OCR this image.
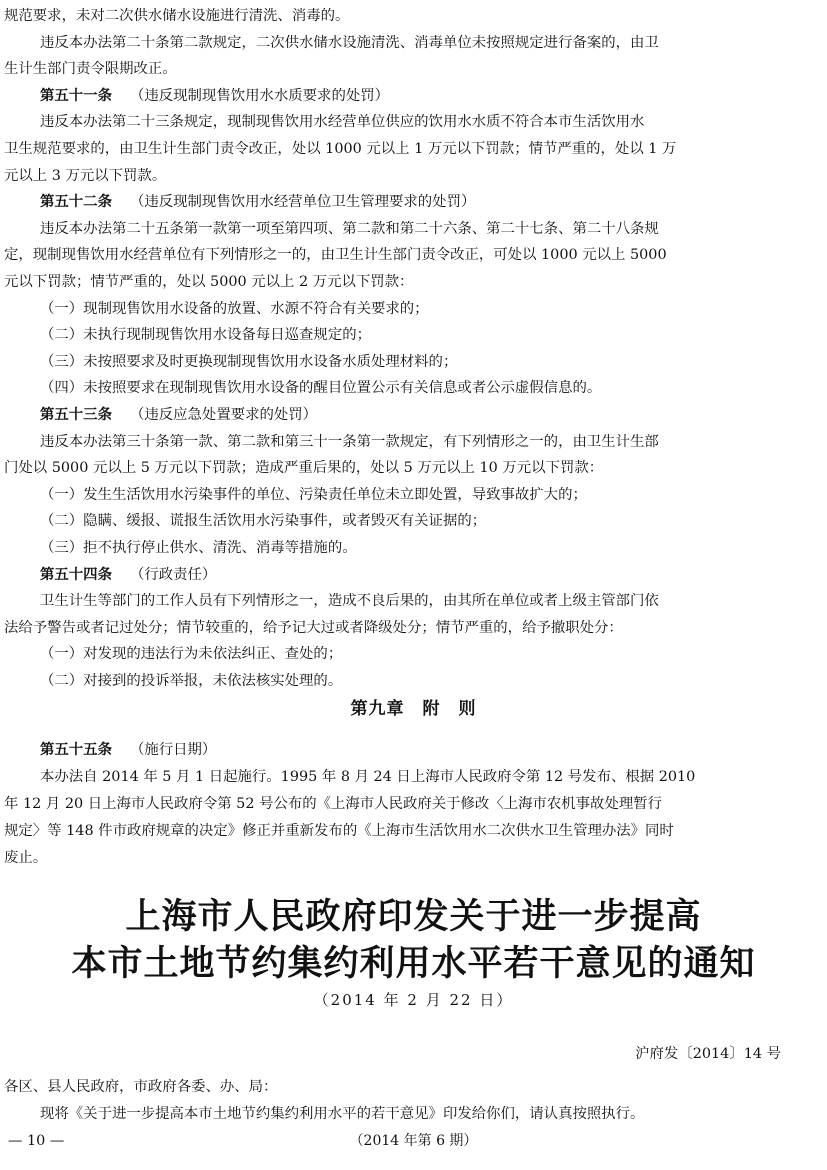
规范要求，未对二次供水储水设施进行清洗、消毒的。
违反本办法第二十条第二款规定，二次供水储水设施清洗、消毒单位未按照规定进行备案的，由卫
生计生部门责令限期改正。
第五十一条 （违反现制现售饮用水水质要求的处罚）
违反本办法第二十三条规定，现制现售饮用水经营单位供应的饮用水水质不符合本市生活饮用水
卫生规范要求的，由卫生计生部门责令改正，处以 1000 元以上 1 万元以下罚款；情节严重的，处以 1 万
元以上 3 万元以下罚款。
第五十二条 （违反现制现售饮用水经营单位卫生管理要求的处罚）
违反本办法第二十五条第一款第一项至第四项、第二款和第二十六条、第二十七条、第二十八条规
定，现制现售饮用水经营单位有下列情形之一的，由卫生计生部门责令改正，可处以 1000 元以上 5000
元以下罚款；情节严重的，处以 5000 元以上 2 万元以下罚款：
（一）现制现售饮用水设备的放置、水源不符合有关要求的；
（二）未执行现制现售饮用水设备每日巡查规定的；
（三）未按照要求及时更换现制现售饮用水设备水质处理材料的；
（四）未按照要求在现制现售饮用水设备的醒目位置公示有关信息或者公示虚假信息的。
第五十三条 （违反应急处置要求的处罚）
违反本办法第三十条第一款、第二款和第三十一条第一款规定，有下列情形之一的，由卫生计生部
门处以 5000 元以上 5 万元以下罚款；造成严重后果的，处以 5 万元以上 10 万元以下罚款：
（一）发生生活饮用水污染事件的单位、污染责任单位未立即处置，导致事故扩大的；
（二）隐瞒、缓报、谎报生活饮用水污染事件，或者毁灭有关证据的；
（三）拒不执行停止供水、清洗、消毒等措施的。
第五十四条 （行政责任）
卫生计生等部门的工作人员有下列情形之一，造成不良后果的，由其所在单位或者上级主管部门依
法给予警告或者记过处分；情节较重的，给予记大过或者降级处分；情节严重的，给予撤职处分：
（一）对发现的违法行为未依法纠正、查处的；
（二）对接到的投诉举报，未依法核实处理的。
第九章　附　则
第五十五条 （施行日期）
本办法自 2014 年 5 月 1 日起施行。1995 年 8 月 24 日上海市人民政府令第 12 号发布、根据 2010
年 12 月 20 日上海市人民政府令第 52 号公布的《上海市人民政府关于修改〈上海市农机事故处理暂行
规定〉等 148 件市政府规章的决定》修正并重新发布的《上海市生活饮用水二次供水卫生管理办法》同时
废止。
上海市人民政府印发关于进一步提高
本市土地节约集约利用水平若干意见的通知
（2014 年 2 月 22 日）
沪府发〔2014〕14 号
各区、县人民政府，市政府各委、办、局：
现将《关于进一步提高本市土地节约集约利用水平的若干意见》印发给你们，请认真按照执行。
— 10 —	（2014 年第 6 期）
